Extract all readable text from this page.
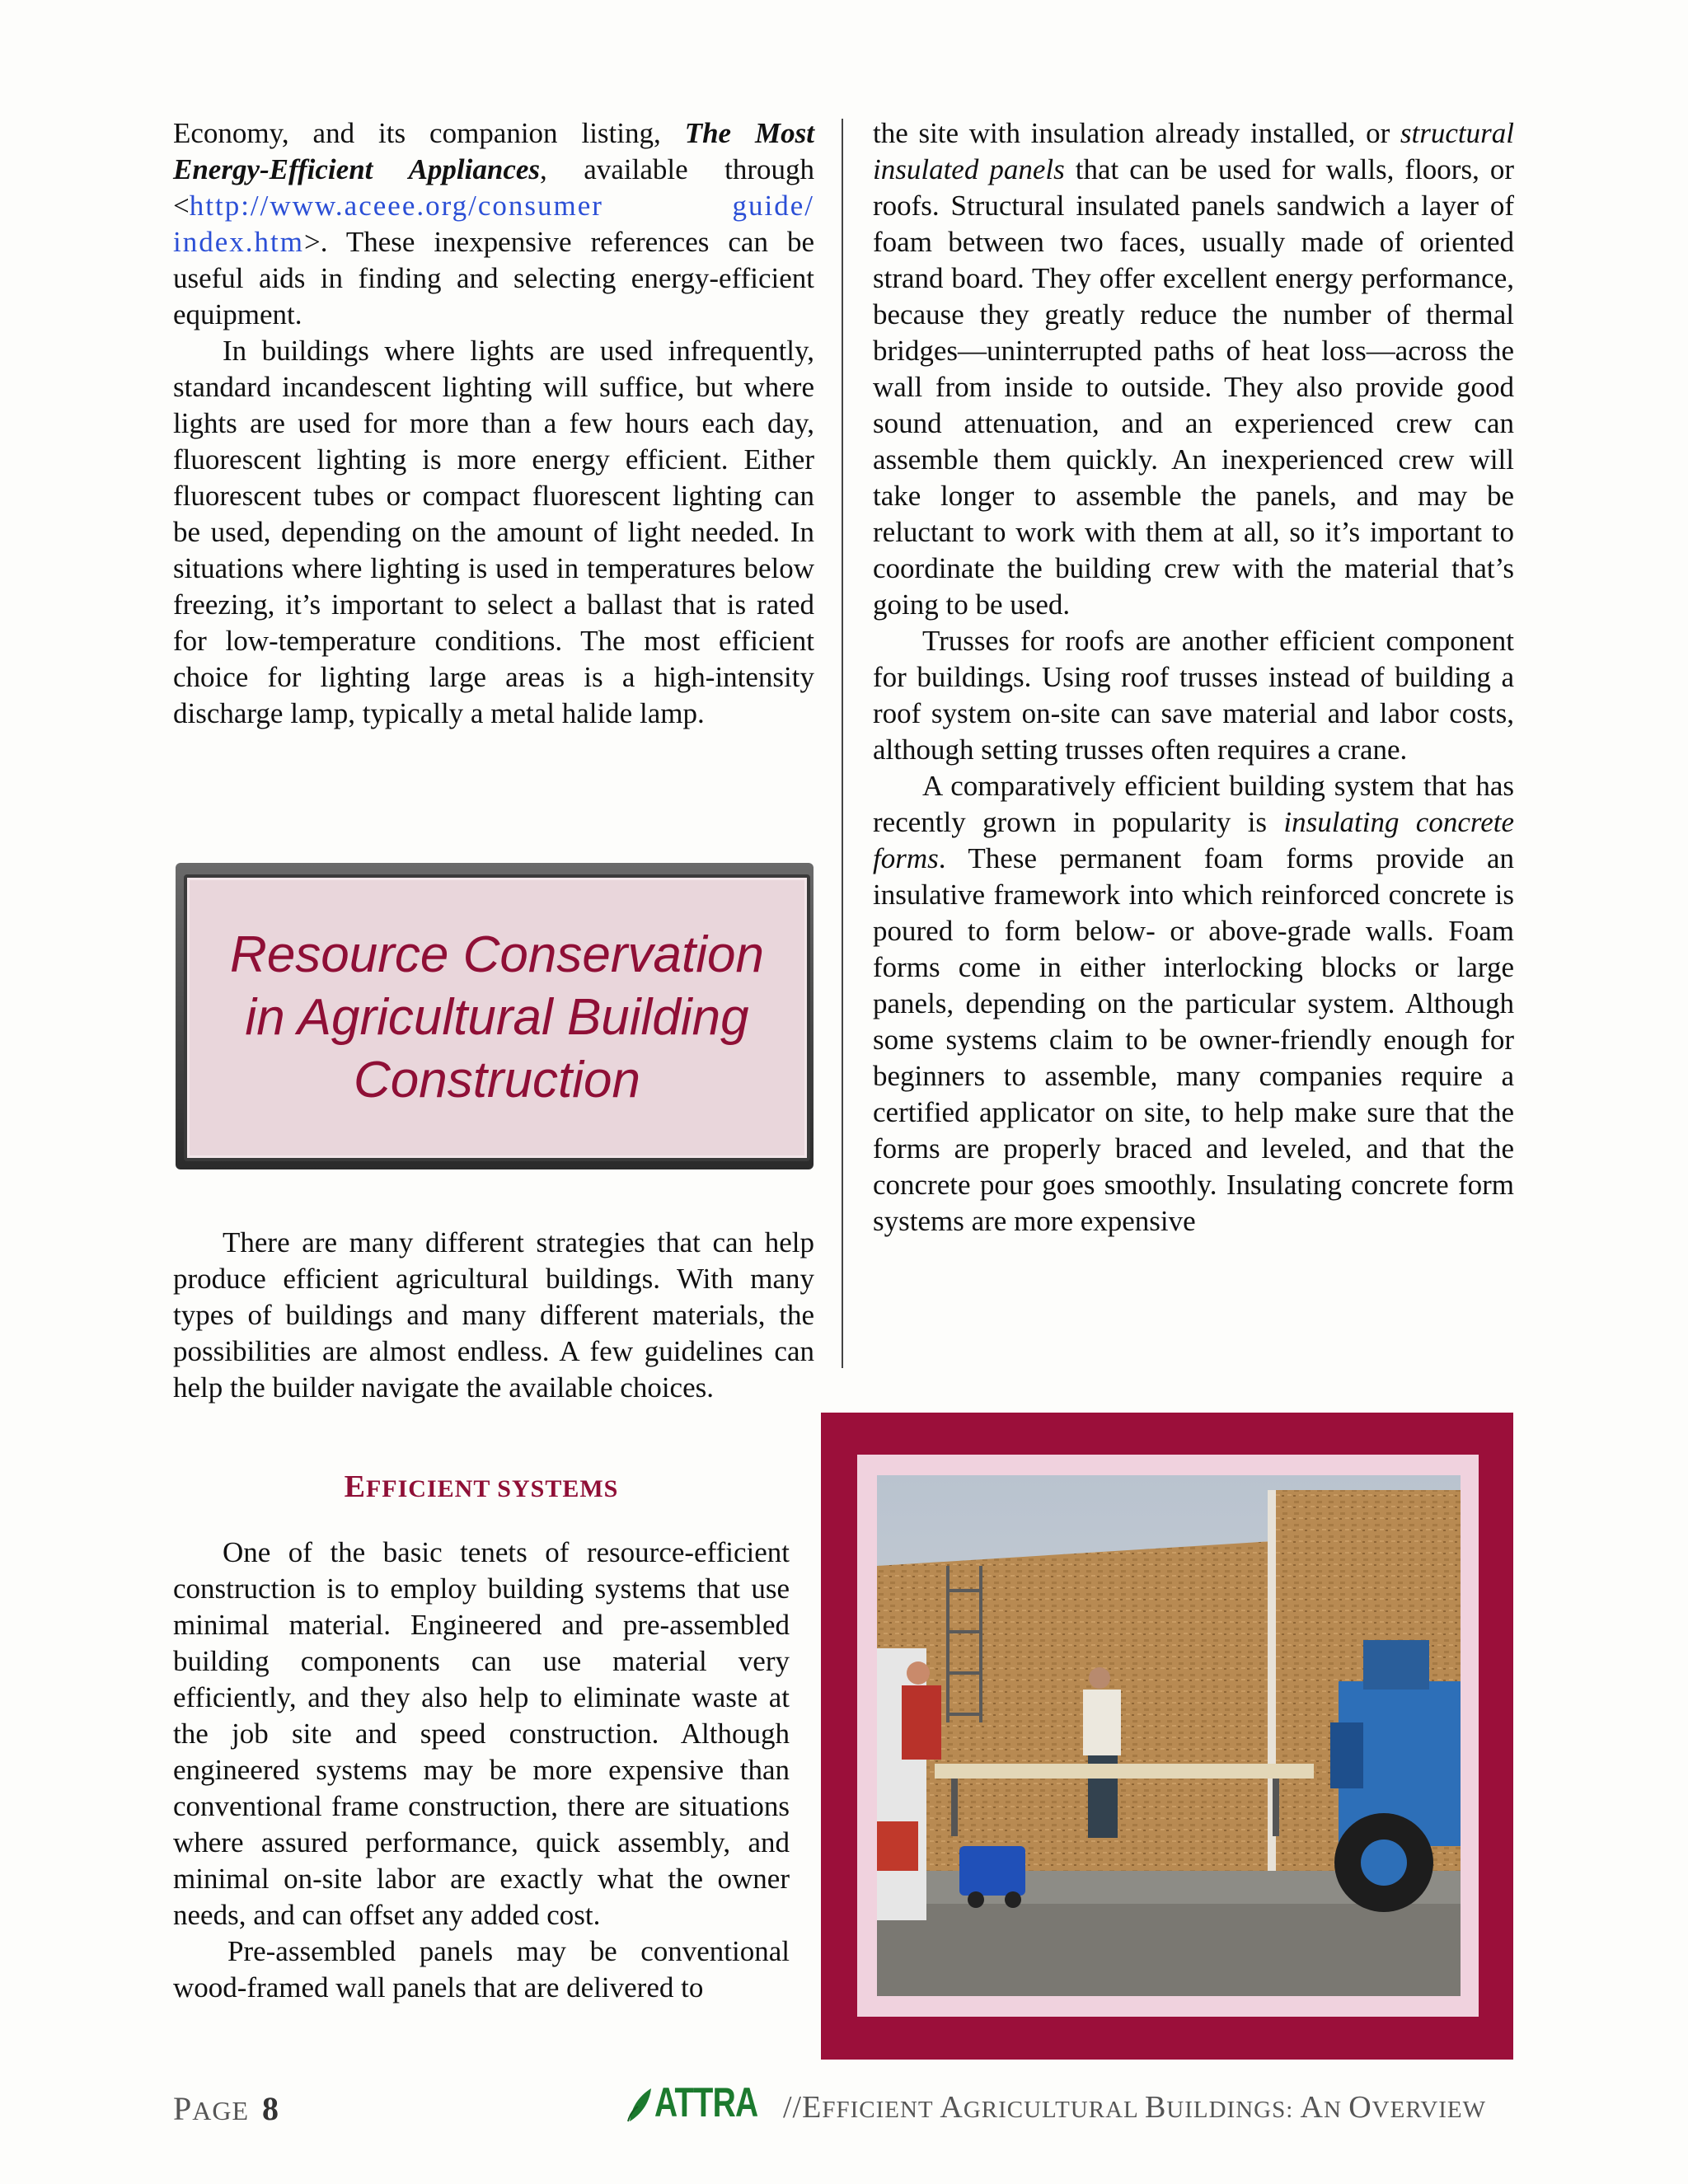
Economy, and its companion listing, The Most Energy-Efficient Appliances, available through <http://www.aceee.org/consumer guide/ index.htm>. These inexpensive references can be useful aids in finding and selecting energy-efficient equipment.

In buildings where lights are used infrequently, standard incandescent lighting will suffice, but where lights are used for more than a few hours each day, fluorescent lighting is more energy efficient. Either fluorescent tubes or compact fluorescent lighting can be used, depending on the amount of light needed. In situations where lighting is used in temperatures below freezing, it’s important to select a ballast that is rated for low-temperature conditions. The most efficient choice for lighting large areas is a high-intensity discharge lamp, typically a metal halide lamp.

Resource Conservation
in Agricultural Building
Construction

There are many different strategies that can help produce efficient agricultural buildings. With many types of buildings and many different materials, the possibilities are almost endless. A few guidelines can help the builder navigate the available choices.

EFFICIENT SYSTEMS

One of the basic tenets of resource-efficient construction is to employ building systems that use minimal material. Engineered and pre-assembled building components can use material very efficiently, and they also help to eliminate waste at the job site and speed construction. Although engineered systems may be more expensive than conventional frame construction, there are situations where assured performance, quick assembly, and minimal on-site labor are exactly what the owner needs, and can offset any added cost.

Pre-assembled panels may be conventional wood-framed wall panels that are delivered to

the site with insulation already installed, or structural insulated panels that can be used for walls, floors, or roofs. Structural insulated panels sandwich a layer of foam between two faces, usually made of oriented strand board. They offer excellent energy performance, because they greatly reduce the number of thermal bridges—uninterrupted paths of heat loss—across the wall from inside to outside. They also provide good sound attenuation, and an experienced crew can assemble them quickly. An inexperienced crew will take longer to assemble the panels, and may be reluctant to work with them at all, so it’s important to coordinate the building crew with the material that’s going to be used.

Trusses for roofs are another efficient component for buildings. Using roof trusses instead of building a roof system on-site can save material and labor costs, although setting trusses often requires a crane.

A comparatively efficient building system that has recently grown in popularity is insulating concrete forms. These permanent foam forms provide an insulative framework into which reinforced concrete is poured to form below- or above-grade walls. Foam forms come in either interlocking blocks or large panels, depending on the particular system. Although some systems claim to be owner-friendly enough for beginners to assemble, many companies require a certified applicator on site, to help make sure that the forms are properly braced and leveled, and that the concrete pour goes smoothly. Insulating concrete form systems are more expensive

PAGE 8	ATTRA //EFFICIENT AGRICULTURAL BUILDINGS: AN OVERVIEW
